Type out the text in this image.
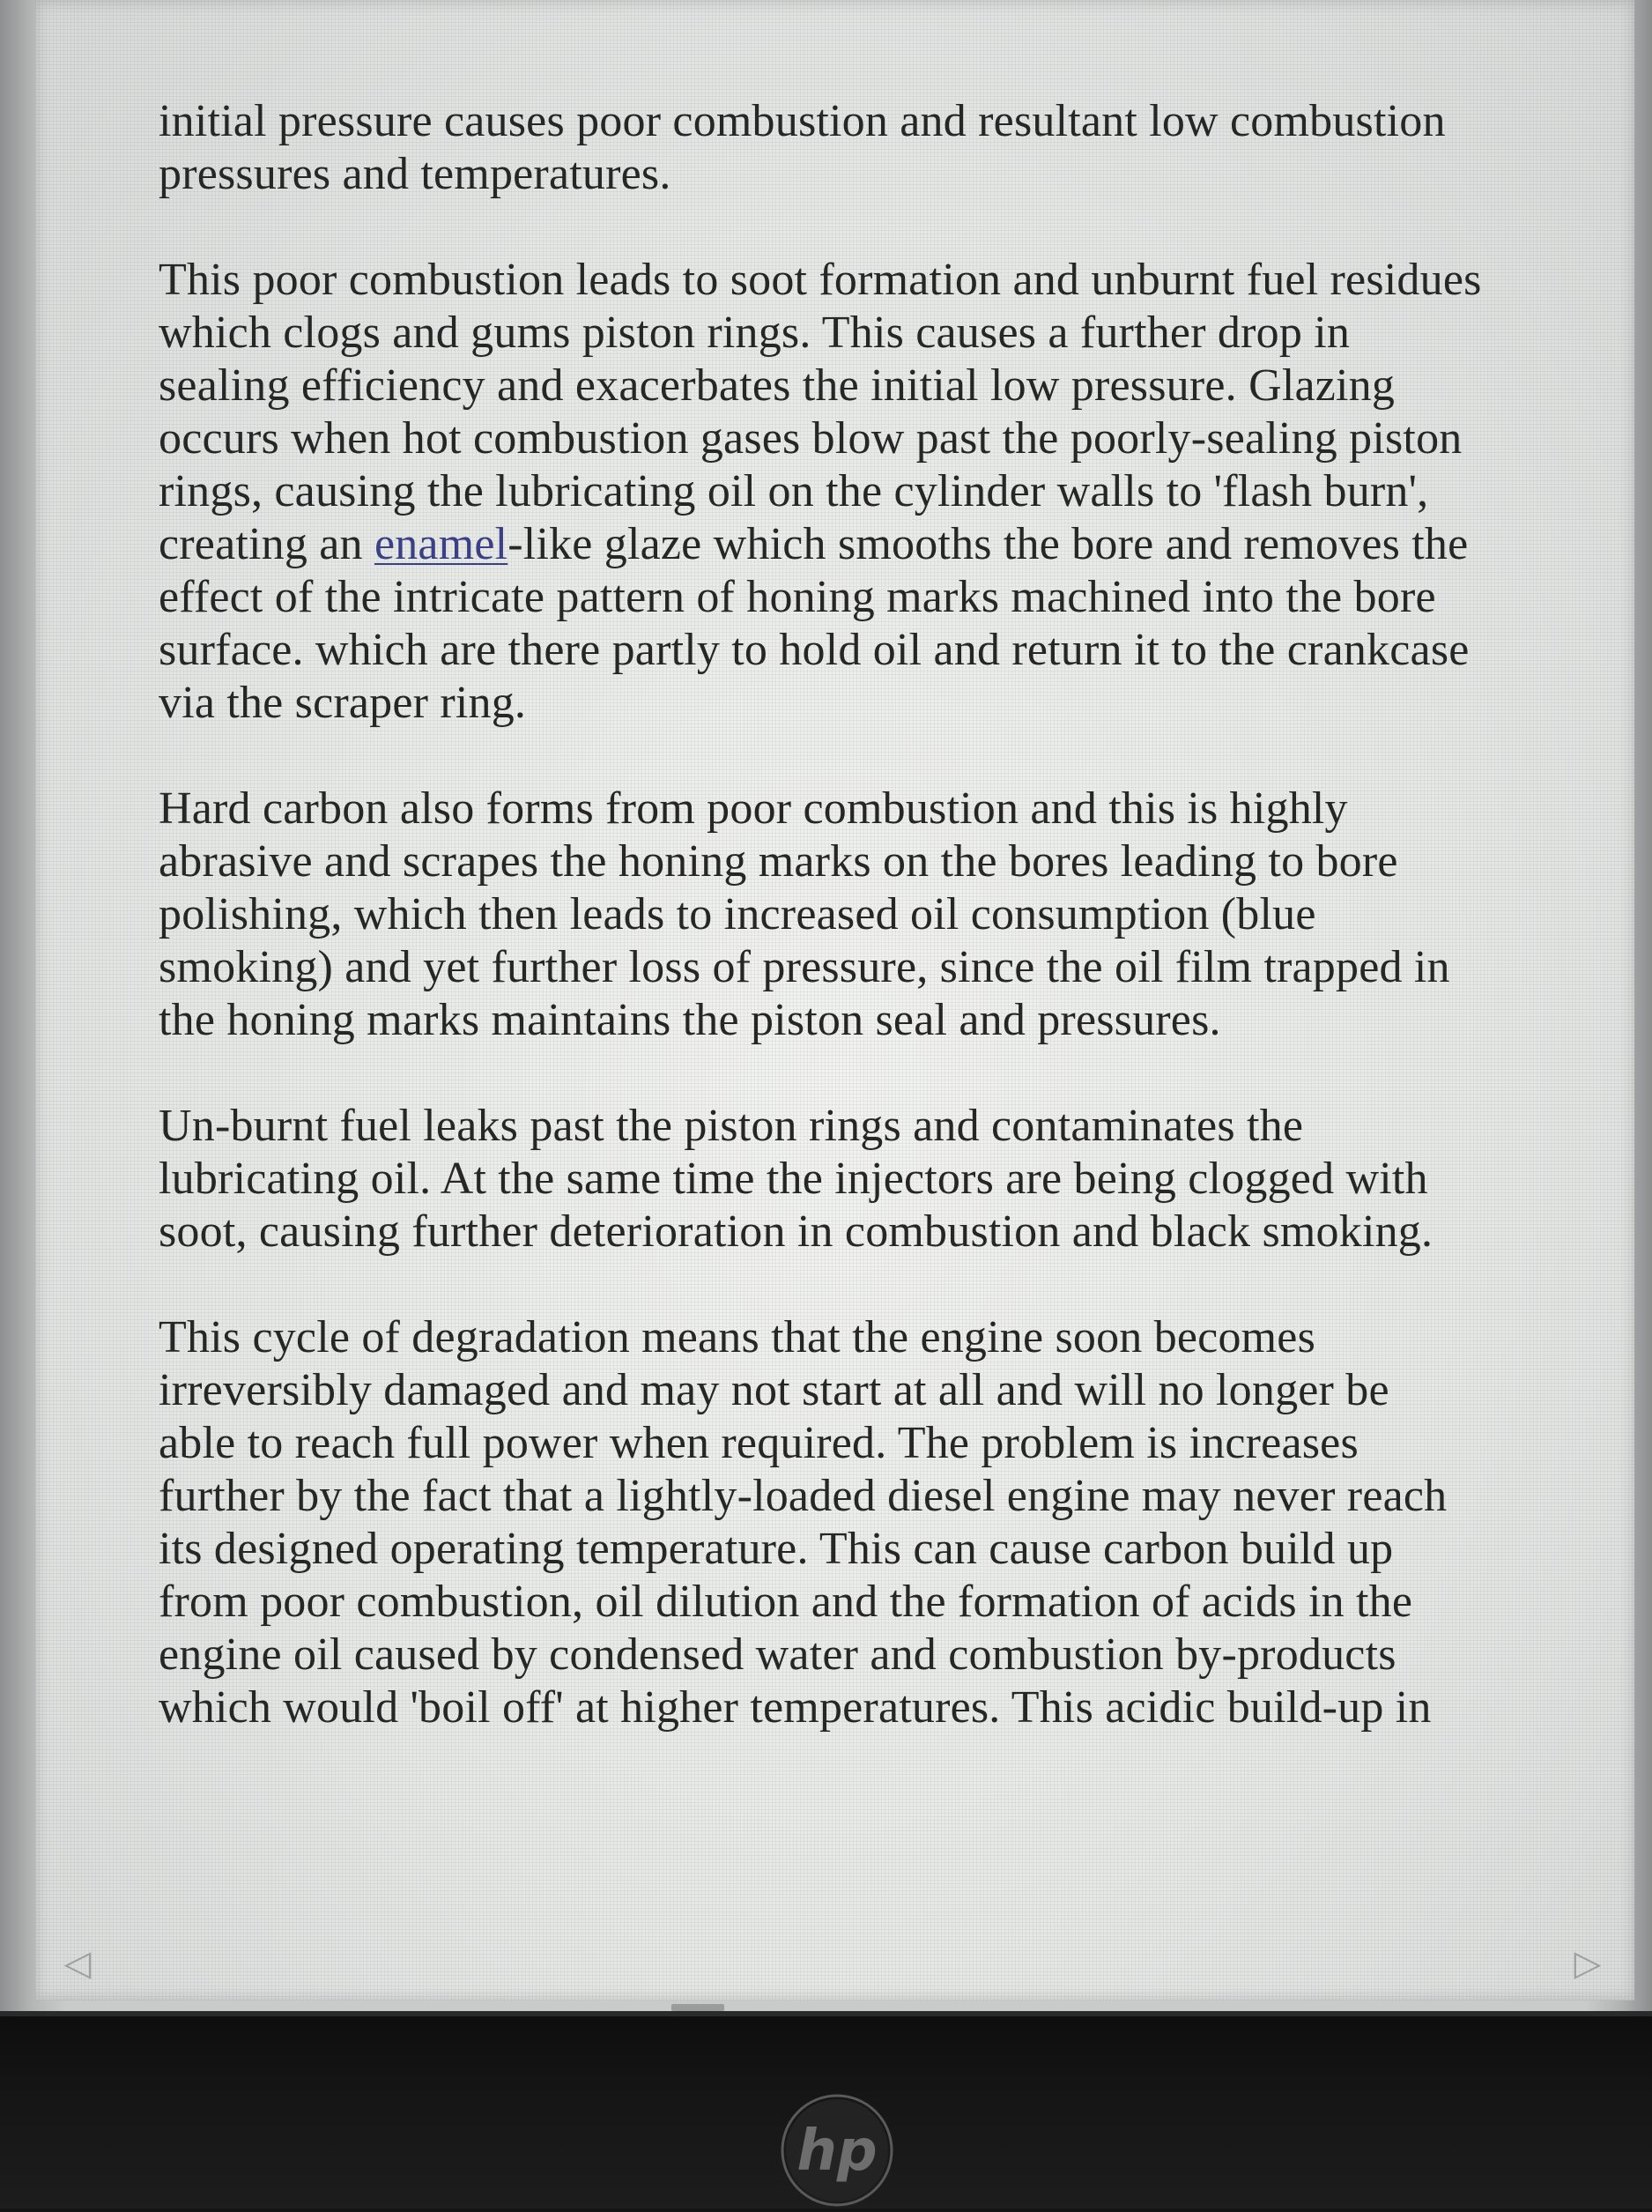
initial pressure causes poor combustion and resultant low combustion
pressures and temperatures.

This poor combustion leads to soot formation and unburnt fuel residues
which clogs and gums piston rings. This causes a further drop in
sealing efficiency and exacerbates the initial low pressure. Glazing
occurs when hot combustion gases blow past the poorly-sealing piston
rings, causing the lubricating oil on the cylinder walls to 'flash burn',
creating an enamel-like glaze which smooths the bore and removes the
effect of the intricate pattern of honing marks machined into the bore
surface. which are there partly to hold oil and return it to the crankcase
via the scraper ring.

Hard carbon also forms from poor combustion and this is highly
abrasive and scrapes the honing marks on the bores leading to bore
polishing, which then leads to increased oil consumption (blue
smoking) and yet further loss of pressure, since the oil film trapped in
the honing marks maintains the piston seal and pressures.

Un-burnt fuel leaks past the piston rings and contaminates the
lubricating oil. At the same time the injectors are being clogged with
soot, causing further deterioration in combustion and black smoking.

This cycle of degradation means that the engine soon becomes
irreversibly damaged and may not start at all and will no longer be
able to reach full power when required. The problem is increases
further by the fact that a lightly-loaded diesel engine may never reach
its designed operating temperature. This can cause carbon build up
from poor combustion, oil dilution and the formation of acids in the
engine oil caused by condensed water and combustion by-products
which would 'boil off' at higher temperatures. This acidic build-up in

◁	▷
hp
